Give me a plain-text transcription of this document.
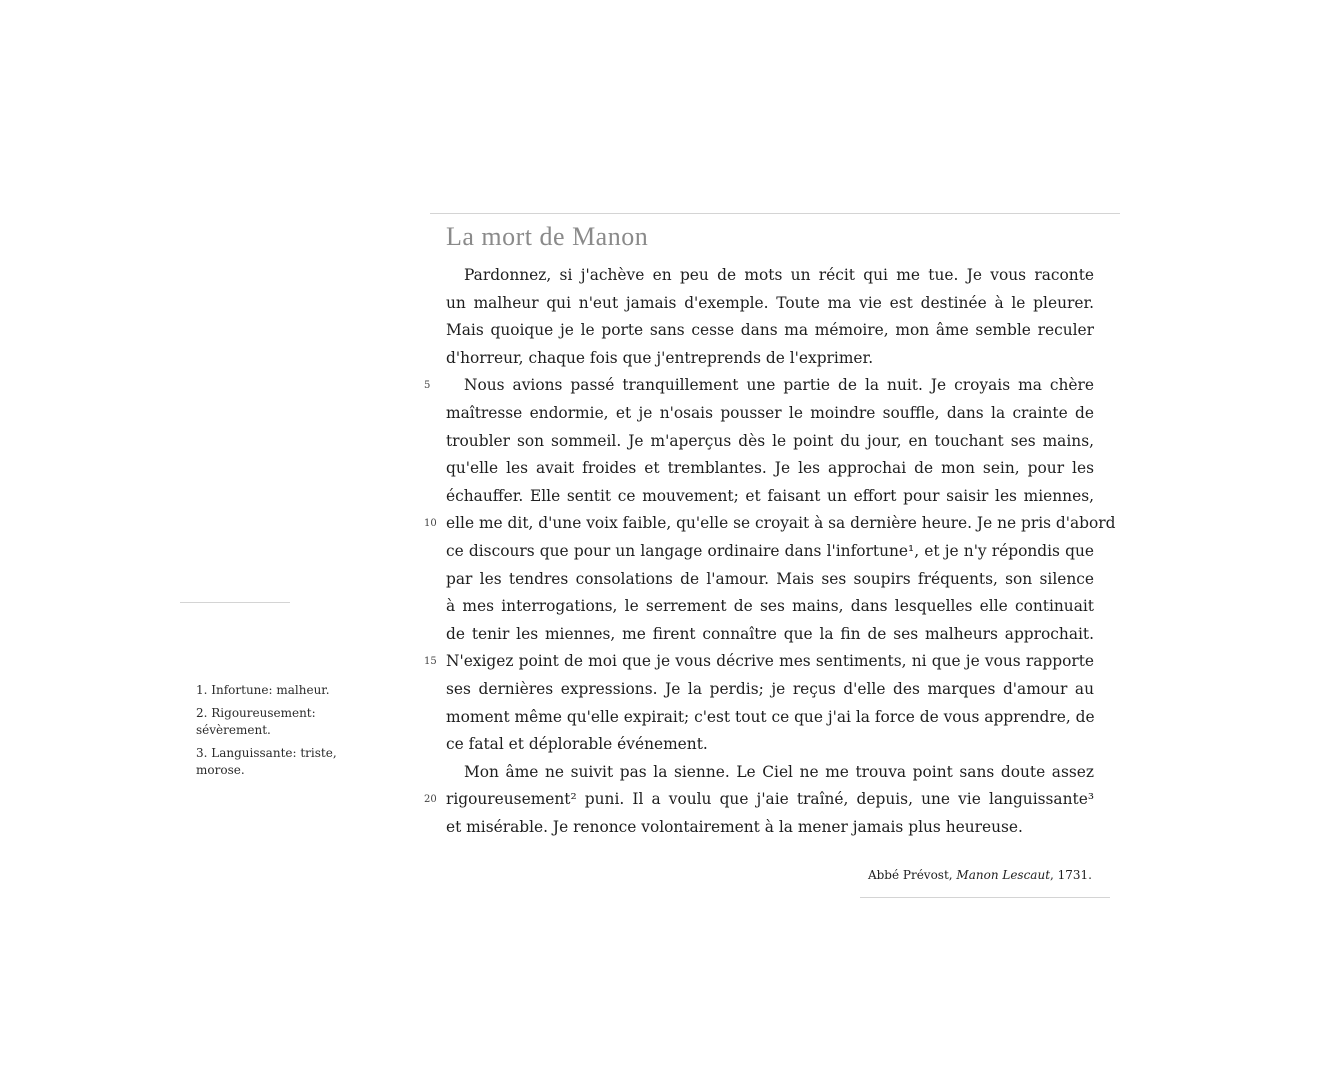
La mort de Manon
Pardonnez, si j'achève en peu de mots un récit qui me tue. Je vous raconte
un malheur qui n'eut jamais d'exemple. Toute ma vie est destinée à le pleurer.
Mais quoique je le porte sans cesse dans ma mémoire, mon âme semble reculer
d'horreur, chaque fois que j'entreprends de l'exprimer.
5 Nous avions passé tranquillement une partie de la nuit. Je croyais ma chère
maîtresse endormie, et je n'osais pousser le moindre souffle, dans la crainte de
troubler son sommeil. Je m'aperçus dès le point du jour, en touchant ses mains,
qu'elle les avait froides et tremblantes. Je les approchai de mon sein, pour les
échauffer. Elle sentit ce mouvement; et faisant un effort pour saisir les miennes,
10 elle me dit, d'une voix faible, qu'elle se croyait à sa dernière heure. Je ne pris d'abord
ce discours que pour un langage ordinaire dans l'infortune¹, et je n'y répondis que
par les tendres consolations de l'amour. Mais ses soupirs fréquents, son silence
à mes interrogations, le serrement de ses mains, dans lesquelles elle continuait
de tenir les miennes, me firent connaître que la fin de ses malheurs approchait.
15 N'exigez point de moi que je vous décrive mes sentiments, ni que je vous rapporte
ses dernières expressions. Je la perdis; je reçus d'elle des marques d'amour au
moment même qu'elle expirait; c'est tout ce que j'ai la force de vous apprendre, de
ce fatal et déplorable événement.
Mon âme ne suivit pas la sienne. Le Ciel ne me trouva point sans doute assez
20 rigoureusement² puni. Il a voulu que j'aie traîné, depuis, une vie languissante³
et misérable. Je renonce volontairement à la mener jamais plus heureuse.
1. Infortune: malheur.
2. Rigoureusement: sévèrement.
3. Languissante: triste, morose.
Abbé Prévost, Manon Lescaut, 1731.
